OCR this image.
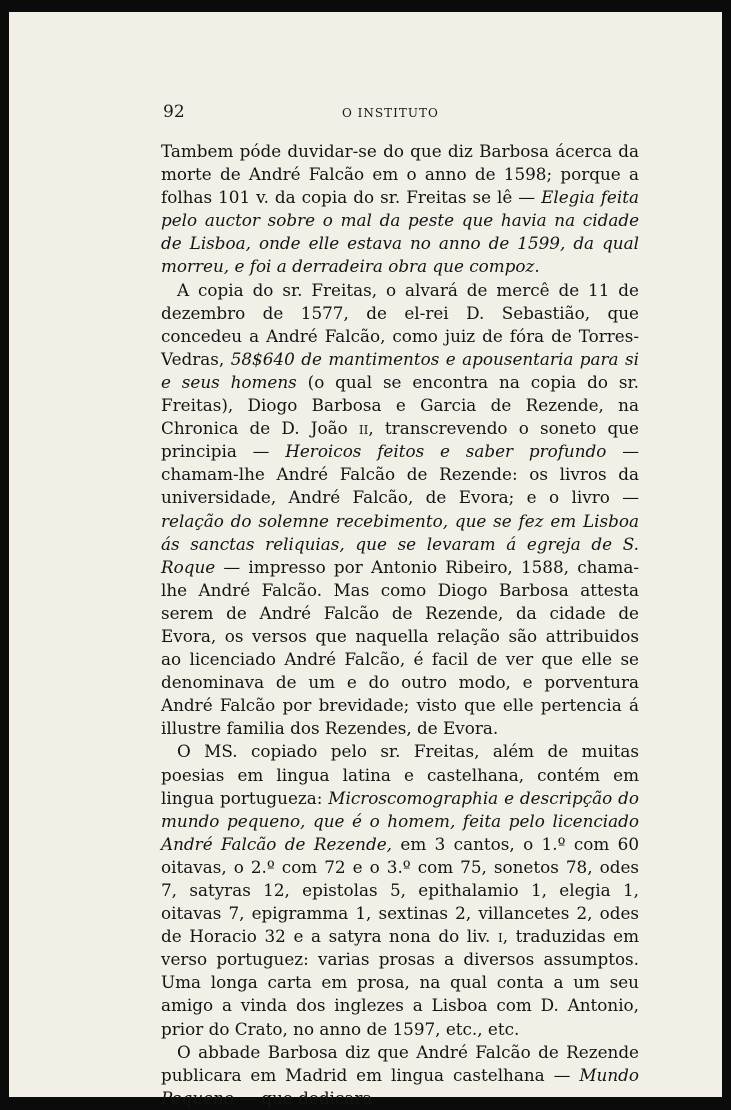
92	O INSTITUTO

Tambem póde duvidar-se do que diz Barbosa ácerca da morte de André Falcão em o anno de 1598; porque a folhas 101 v. da copia do sr. Freitas se lê — Elegia feita pelo auctor sobre o mal da peste que havia na cidade de Lisboa, onde elle estava no anno de 1599, da qual morreu, e foi a derradeira obra que compoz.

A copia do sr. Freitas, o alvará de mercê de 11 de dezembro de 1577, de el-rei D. Sebastião, que concedeu a André Falcão, como juiz de fóra de Torres-Vedras, 58$640 de mantimentos e apousentaria para si e seus homens (o qual se encontra na copia do sr. Freitas), Diogo Barbosa e Garcia de Rezende, na Chronica de D. João ii, transcrevendo o soneto que principia — Heroicos feitos e saber profundo — chamam-lhe André Falcão de Rezende: os livros da universidade, André Falcão, de Evora; e o livro — relação do solemne recebimento, que se fez em Lisboa ás sanctas reliquias, que se levaram á egreja de S. Roque — impresso por Antonio Ribeiro, 1588, chama-lhe André Falcão. Mas como Diogo Barbosa attesta serem de André Falcão de Rezende, da cidade de Evora, os versos que naquella relação são attribuidos ao licenciado André Falcão, é facil de ver que elle se denominava de um e do outro modo, e porventura André Falcão por brevidade; visto que elle pertencia á illustre familia dos Rezendes, de Evora.

O MS. copiado pelo sr. Freitas, além de muitas poesias em lingua latina e castelhana, contém em lingua portugueza: Microscomographia e descripção do mundo pequeno, que é o homem, feita pelo licenciado André Falcão de Rezende, em 3 cantos, o 1.º com 60 oitavas, o 2.º com 72 e o 3.º com 75, sonetos 78, odes 7, satyras 12, epistolas 5, epithalamio 1, elegia 1, oitavas 7, epigramma 1, sextinas 2, villancetes 2, odes de Horacio 32 e a satyra nona do liv. i, traduzidas em verso portuguez: varias prosas a diversos assumptos. Uma longa carta em prosa, na qual conta a um seu amigo a vinda dos inglezes a Lisboa com D. Antonio, prior do Crato, no anno de 1597, etc., etc.

O abbade Barbosa diz que André Falcão de Rezende publicara em Madrid em lingua castelhana — Mundo Pequeno — que dedicara
